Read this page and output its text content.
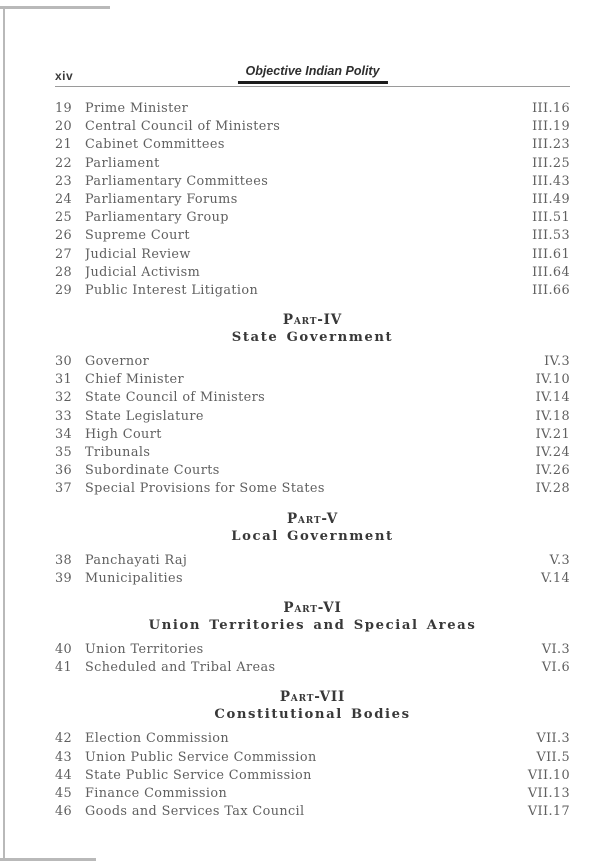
xiv	Objective Indian Polity
19	Prime Minister	III.16
20	Central Council of Ministers	III.19
21	Cabinet Committees	III.23
22	Parliament	III.25
23	Parliamentary Committees	III.43
24	Parliamentary Forums	III.49
25	Parliamentary Group	III.51
26	Supreme Court	III.53
27	Judicial Review	III.61
28	Judicial Activism	III.64
29	Public Interest Litigation	III.66
Part-IV
State Government
30	Governor	IV.3
31	Chief Minister	IV.10
32	State Council of Ministers	IV.14
33	State Legislature	IV.18
34	High Court	IV.21
35	Tribunals	IV.24
36	Subordinate Courts	IV.26
37	Special Provisions for Some States	IV.28
Part-V
Local Government
38	Panchayati Raj	V.3
39	Municipalities	V.14
Part-VI
Union Territories and Special Areas
40	Union Territories	VI.3
41	Scheduled and Tribal Areas	VI.6
Part-VII
Constitutional Bodies
42	Election Commission	VII.3
43	Union Public Service Commission	VII.5
44	State Public Service Commission	VII.10
45	Finance Commission	VII.13
46	Goods and Services Tax Council	VII.17
